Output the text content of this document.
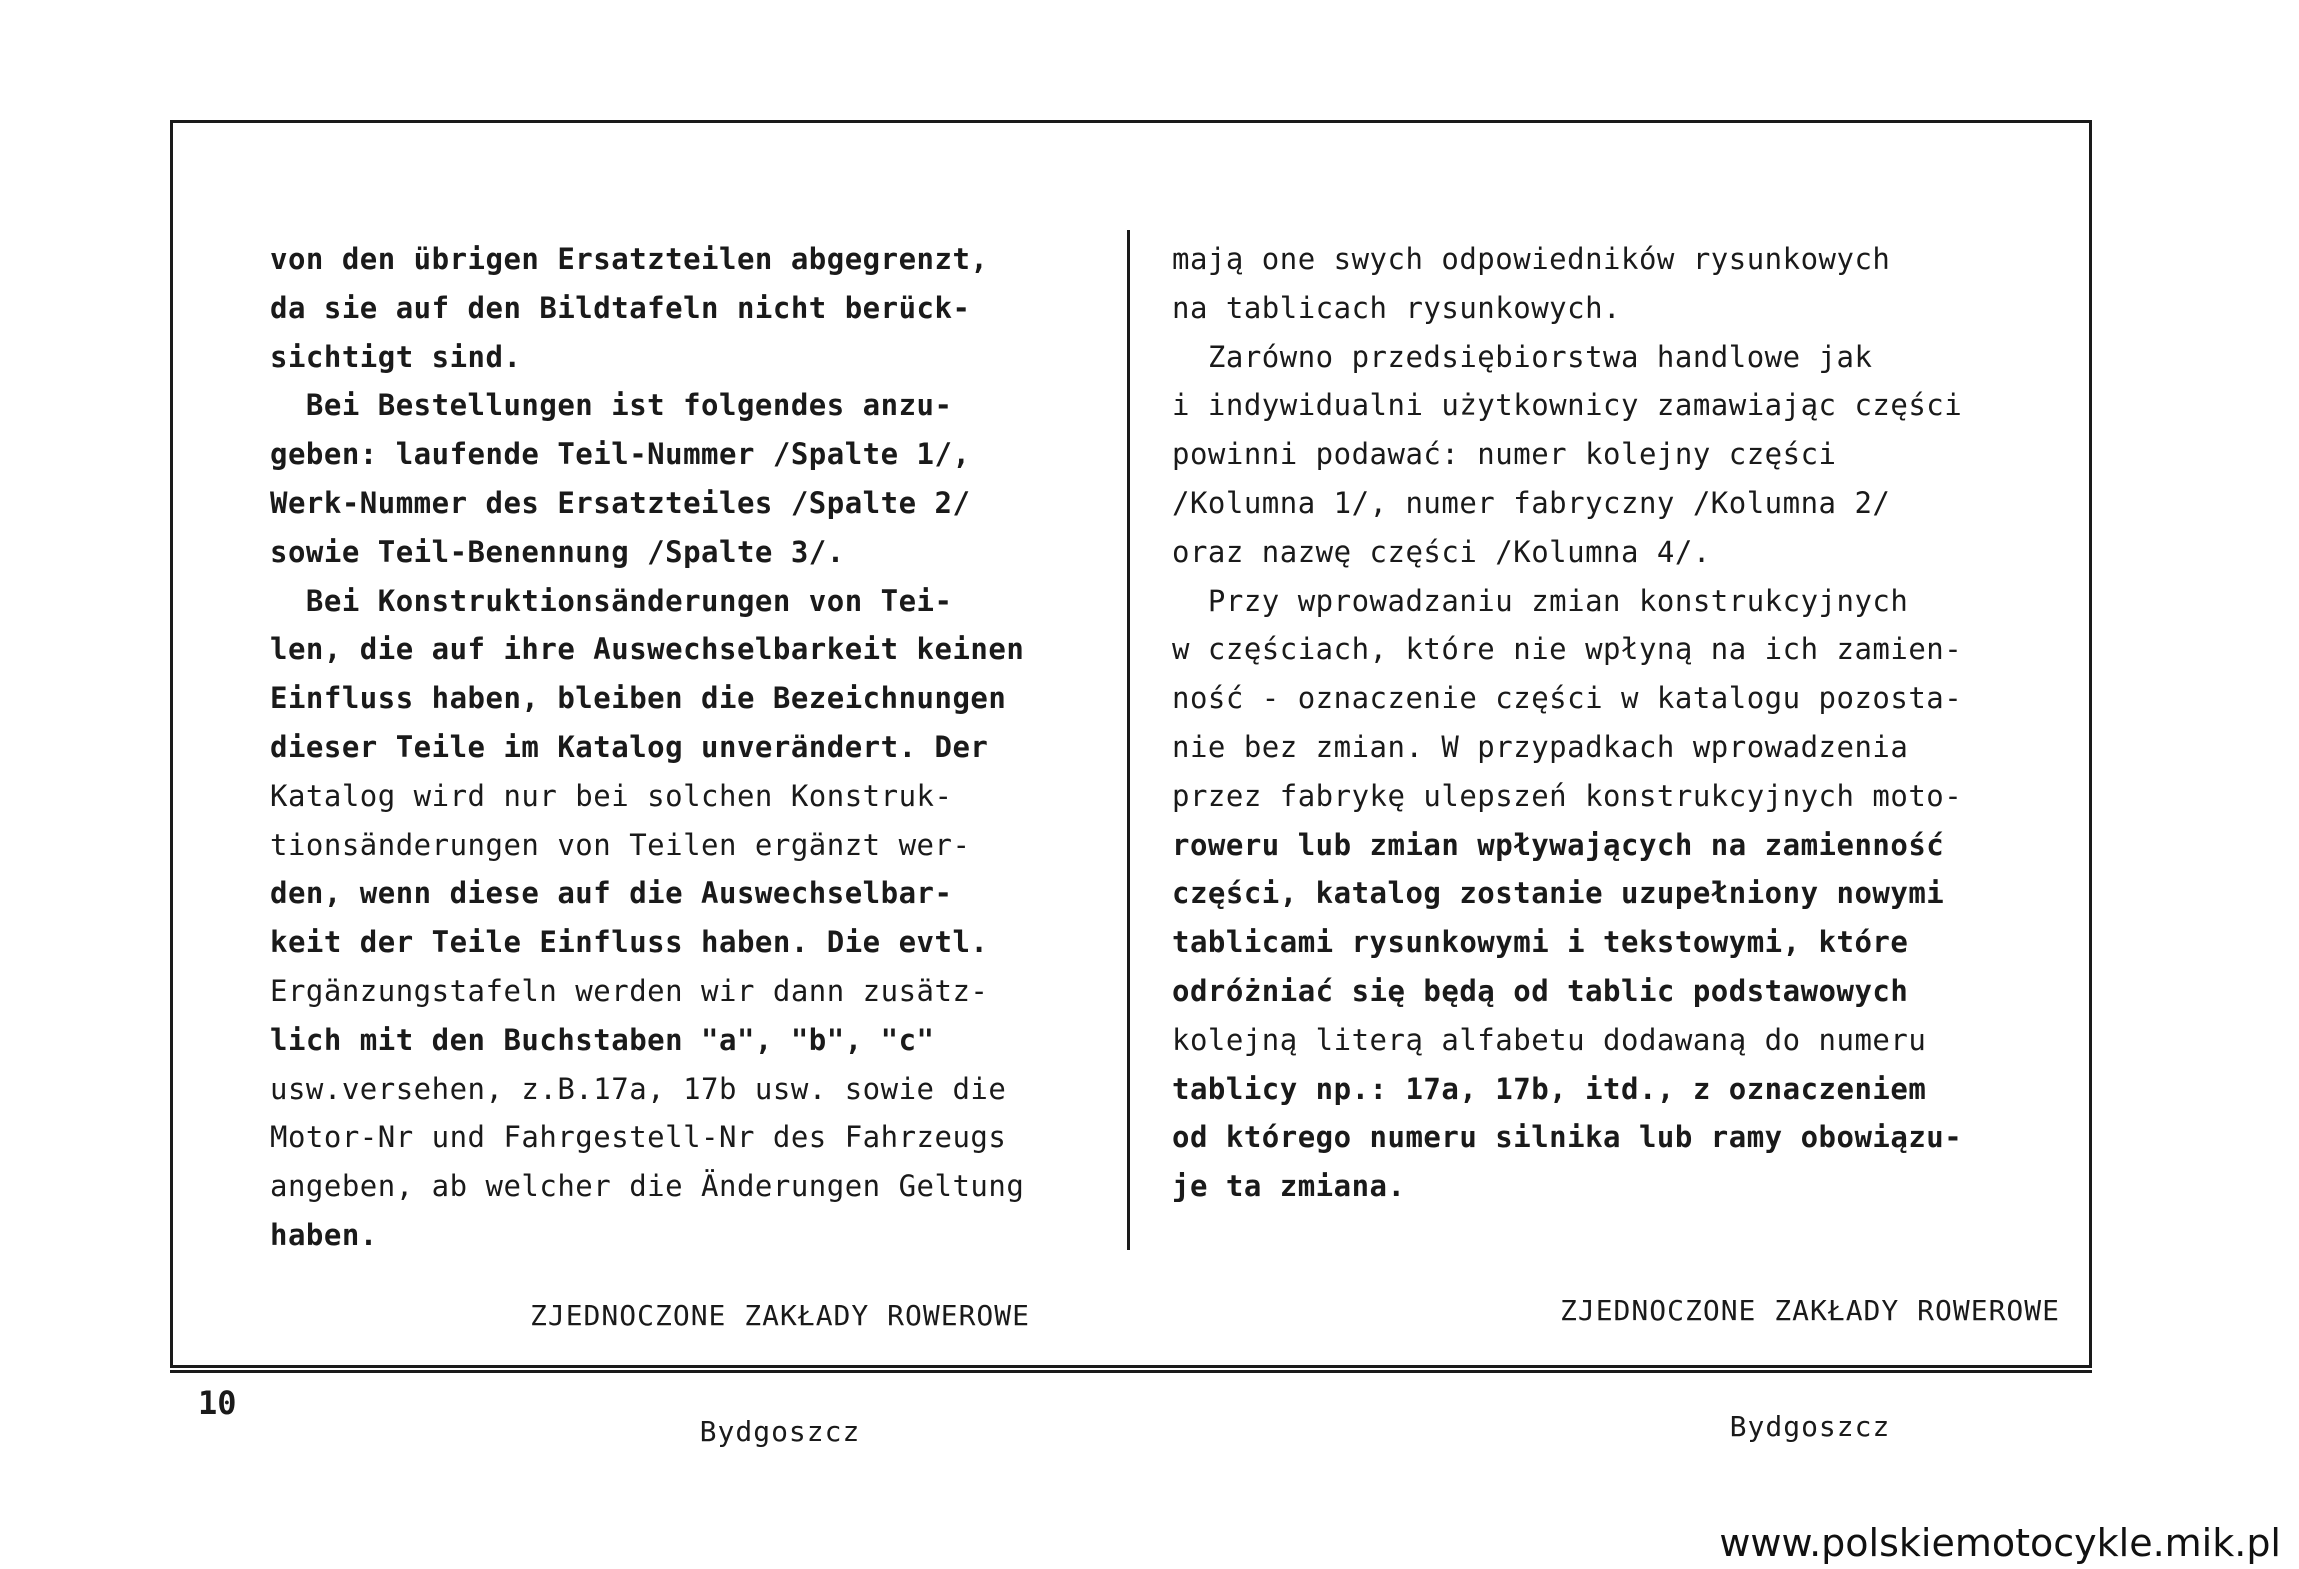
von den übrigen Ersatzteilen abgegrenzt,
da sie auf den Bildtafeln nicht berück-
sichtigt sind.
Bei Bestellungen ist folgendes anzu-
geben: laufende Teil-Nummer /Spalte 1/,
Werk-Nummer des Ersatzteiles /Spalte 2/
sowie Teil-Benennung /Spalte 3/.
Bei Konstruktionsänderungen von Tei-
len, die auf ihre Auswechselbarkeit keinen
Einfluss haben, bleiben die Bezeichnungen
dieser Teile im Katalog unverändert. Der
Katalog wird nur bei solchen Konstruk-
tionsänderungen von Teilen ergänzt wer-
den, wenn diese auf die Auswechselbar-
keit der Teile Einfluss haben. Die evtl.
Ergänzungstafeln werden wir dann zusätz-
lich mit den Buchstaben "a", "b", "c"
usw.versehen, z.B.17a, 17b usw. sowie die
Motor-Nr und Fahrgestell-Nr des Fahrzeugs
angeben, ab welcher die Änderungen Geltung
haben.
mają one swych odpowiedników rysunkowych
na tablicach rysunkowych.
Zarówno przedsiębiorstwa handlowe jak
i indywidualni użytkownicy zamawiając części
powinni podawać: numer kolejny części
/Kolumna 1/, numer fabryczny /Kolumna 2/
oraz nazwę części /Kolumna 4/.
Przy wprowadzaniu zmian konstrukcyjnych
w częściach, które nie wpłyną na ich zamien-
ność - oznaczenie części w katalogu pozosta-
nie bez zmian. W przypadkach wprowadzenia
przez fabrykę ulepszeń konstrukcyjnych moto-
roweru lub zmian wpływających na zamienność
części, katalog zostanie uzupełniony nowymi
tablicami rysunkowymi i tekstowymi, które
odróżniać się będą od tablic podstawowych
kolejną literą alfabetu dodawaną do numeru
tablicy np.: 17a, 17b, itd., z oznaczeniem
od którego numeru silnika lub ramy obowiązu-
je ta zmiana.

ZJEDNOCZONE ZAKŁADY ROWEROWE

Bydgoszcz

ZJEDNOCZONE ZAKŁADY ROWEROWE

Bydgoszcz

10
www.polskiemotocykle.mik.pl
